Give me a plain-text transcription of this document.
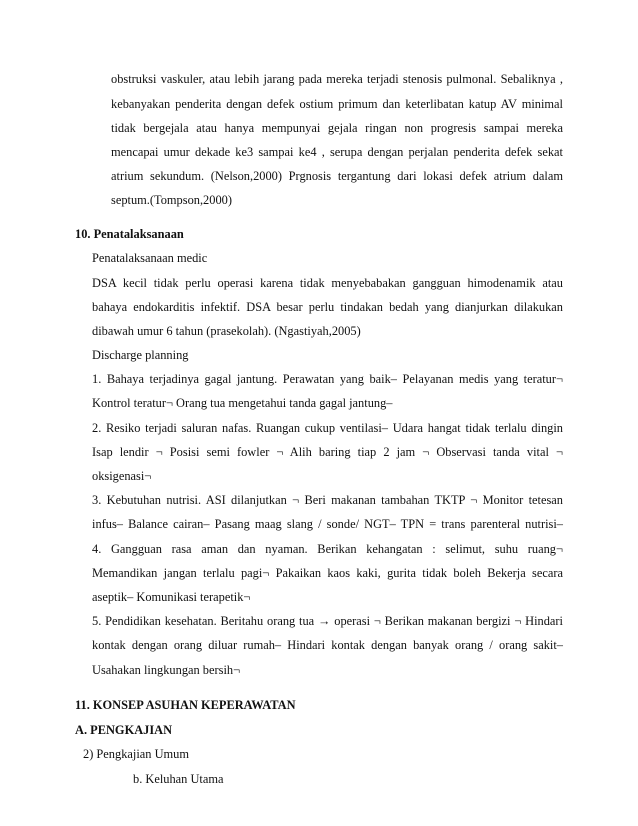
obstruksi vaskuler, atau lebih jarang pada mereka terjadi stenosis pulmonal. Sebaliknya ,
kebanyakan penderita dengan defek ostium primum dan keterlibatan katup AV minimal
tidak bergejala atau hanya mempunyai gejala ringan non progresis sampai mereka
mencapai umur dekade ke3 sampai ke4 , serupa dengan perjalan penderita defek sekat
atrium sekundum. (Nelson,2000) Prgnosis tergantung dari lokasi defek atrium dalam
septum.(Tompson,2000)
10. Penatalaksanaan
Penatalaksanaan medic
DSA kecil tidak perlu operasi karena tidak menyebabakan gangguan himodenamik atau
bahaya endokarditis infektif. DSA besar perlu tindakan bedah yang dianjurkan dilakukan
dibawah umur 6 tahun (prasekolah). (Ngastiyah,2005)
Discharge planning
1. Bahaya terjadinya gagal jantung. Perawatan yang baik– Pelayanan medis yang teratur¬
Kontrol teratur¬ Orang tua mengetahui tanda gagal jantung–
2. Resiko terjadi saluran nafas. Ruangan cukup ventilasi– Udara hangat tidak terlalu dingin
Isap lendir ¬ Posisi semi fowler ¬ Alih baring tiap 2 jam ¬ Observasi tanda vital ¬
oksigenasi¬
3. Kebutuhan nutrisi. ASI dilanjutkan ¬ Beri makanan tambahan TKTP ¬ Monitor tetesan
infus– Balance cairan– Pasang maag slang / sonde/ NGT– TPN = trans parenteral nutrisi–
4. Gangguan rasa aman dan nyaman. Berikan kehangatan : selimut, suhu ruang¬
Memandikan jangan terlalu pagi¬ Pakaikan kaos kaki, gurita tidak boleh Bekerja secara
aseptik– Komunikasi terapetik¬
5. Pendidikan kesehatan. Beritahu orang tua → operasi ¬ Berikan makanan bergizi ¬ Hindari
kontak dengan orang diluar rumah– Hindari kontak dengan banyak orang / orang sakit–
Usahakan lingkungan bersih¬
11. KONSEP ASUHAN KEPERAWATAN
A. PENGKAJIAN
2) Pengkajian Umum
b. Keluhan Utama
